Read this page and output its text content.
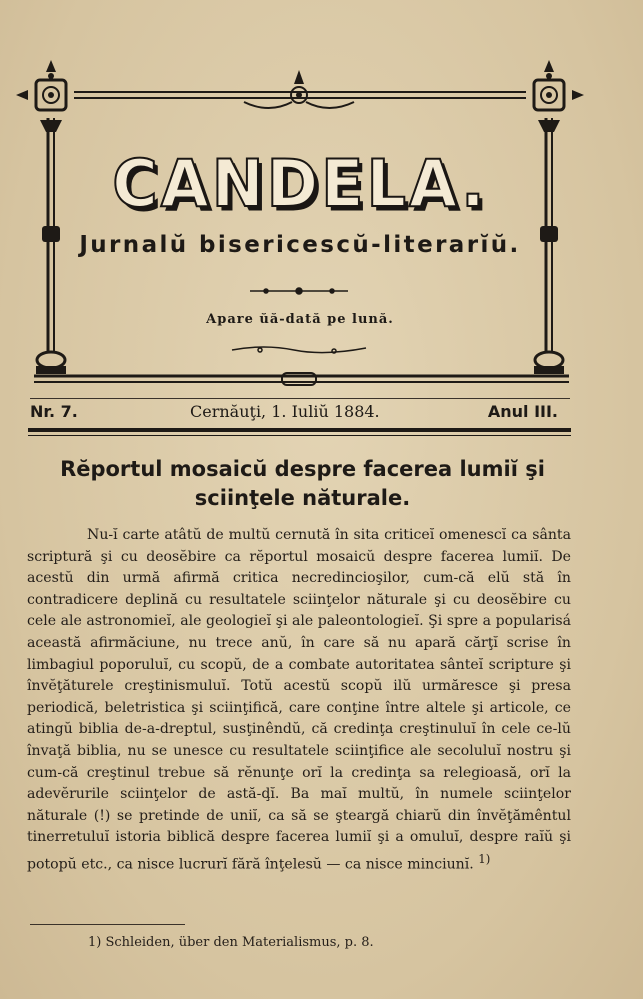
CANDELA.
Jurnalŭ bisericescŭ-literarĭŭ.
Apare ŭă-dată pe lună.
Nr. 7.	Cernăuţi, 1. Iuliŭ 1884.	Anul III.
Rĕportul mosaicŭ despre facerea lumiĭ şi sciinţele năturale.

Nu-ĭ carte atâtŭ de multŭ cernută în sita criticeĭ omenescĭ ca sânta scriptură şi cu deosĕbire ca rĕportul mosaicŭ despre facerea lumiĭ. De acestŭ din urmă afirmă critica necredincioşilor, cum-că elŭ stă în contradicere deplină cu resultatele sciinţelor năturale şi cu deosĕbire cu cele ale astronomieĭ, ale geologieĭ şi ale paleontologieĭ. Şi spre a popularisá această afirmăciune, nu trece anŭ, în care să nu apară cărţĭ scrise în limbagiul poporuluĭ, cu scopŭ, de a combate autoritatea sânteĭ scripture şi învĕţăturele creştinismuluĭ. Totŭ acestŭ scopŭ ilŭ urmăresce şi presa periodică, beletristica şi sciinţifică, care conţine între altele şi articole, ce atingŭ biblia de-a-dreptul, susţinêndŭ, că credinţa creştinuluĭ în cele ce-lŭ învaţă biblia, nu se unesce cu resultatele sciinţifice ale secoluluĭ nostru şi cum-că creştinul trebue să rĕnunţe orĭ la credinţa sa relegioasă, orĭ la adevĕrurile sciinţelor de astă-ḑĭ. Ba maĭ multŭ, în numele sciinţelor năturale (!) se pretinde de uniĭ, ca să se şteargă chiarŭ din învĕţămêntul tinerretuluĭ istoria biblică despre facerea lumiĭ şi a omuluĭ, despre raĭŭ şi potopŭ etc., ca nisce lucrurĭ fără înţelesŭ — ca nisce minciunĭ. $^{1)}$

1) Schleiden, über den Materialismus, p. 8.
